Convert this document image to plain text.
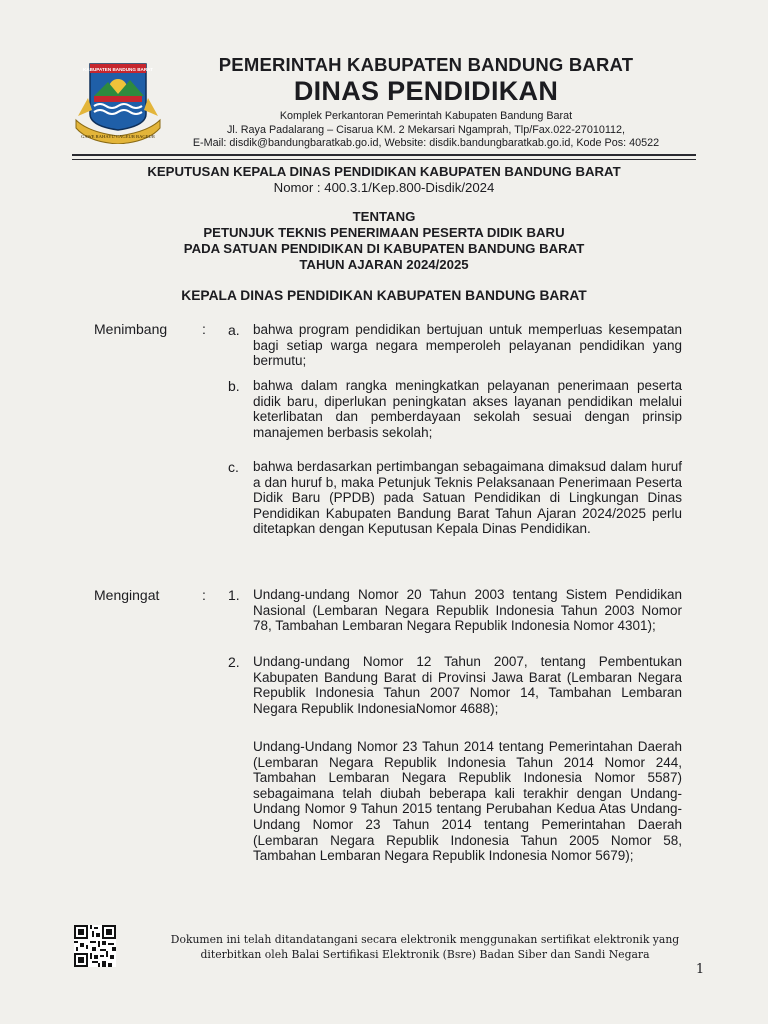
KABUPATEN BANDUNG BARAT
GAWE RAHAYU CAGEUR BAGEUR

PEMERINTAH KABUPATEN BANDUNG BARAT

DINAS PENDIDIKAN

Komplek Perkantoran Pemerintah Kabupaten Bandung Barat

Jl. Raya Padalarang – Cisarua KM. 2 Mekarsari Ngamprah, Tlp/Fax.022-27010112,

E-Mail: disdik@bandungbaratkab.go.id, Website: disdik.bandungbaratkab.go.id, Kode Pos: 40522

KEPUTUSAN KEPALA DINAS PENDIDIKAN KABUPATEN BANDUNG BARAT

Nomor : 400.3.1/Kep.800-Disdik/2024

TENTANG

PETUNJUK TEKNIS PENERIMAAN PESERTA DIDIK BARU

PADA SATUAN PENDIDIKAN DI KABUPATEN BANDUNG BARAT

TAHUN AJARAN 2024/2025

KEPALA DINAS PENDIDIKAN KABUPATEN BANDUNG BARAT

Menimbang : a. bahwa program pendidikan bertujuan untuk memperluas kesempatan bagi setiap warga negara memperoleh pelayanan pendidikan yang bermutu;

b. bahwa dalam rangka meningkatkan pelayanan penerimaan peserta didik baru, diperlukan peningkatan akses layanan pendidikan melalui keterlibatan dan pemberdayaan sekolah sesuai dengan prinsip manajemen berbasis sekolah;

c. bahwa berdasarkan pertimbangan sebagaimana dimaksud dalam huruf a dan huruf b, maka Petunjuk Teknis Pelaksanaan Penerimaan Peserta Didik Baru (PPDB) pada Satuan Pendidikan di Lingkungan Dinas Pendidikan Kabupaten Bandung Barat Tahun Ajaran 2024/2025 perlu ditetapkan dengan Keputusan Kepala Dinas Pendidikan.

Mengingat	: 1. Undang-undang Nomor 20 Tahun 2003 tentang Sistem Pendidikan Nasional (Lembaran Negara Republik Indonesia Tahun 2003 Nomor 78, Tambahan Lembaran Negara Republik Indonesia Nomor 4301);

2. Undang-undang Nomor 12 Tahun 2007, tentang Pembentukan Kabupaten Bandung Barat di Provinsi Jawa Barat (Lembaran Negara Republik Indonesia Tahun 2007 Nomor 14, Tambahan Lembaran Negara Republik IndonesiaNomor 4688);

Undang-Undang Nomor 23 Tahun 2014 tentang Pemerintahan Daerah (Lembaran Negara Republik Indonesia Tahun 2014 Nomor 244, Tambahan Lembaran Negara Republik Indonesia Nomor 5587) sebagaimana telah diubah beberapa kali terakhir dengan Undang-Undang Nomor 9 Tahun 2015 tentang Perubahan Kedua Atas Undang-Undang Nomor 23 Tahun 2014 tentang Pemerintahan Daerah (Lembaran Negara Republik Indonesia Tahun 2005 Nomor 58, Tambahan Lembaran Negara Republik Indonesia Nomor 5679);

Dokumen ini telah ditandatangani secara elektronik menggunakan sertifikat elektronik yang
diterbitkan oleh Balai Sertifikasi Elektronik (Bsre) Badan Siber dan Sandi Negara

1
